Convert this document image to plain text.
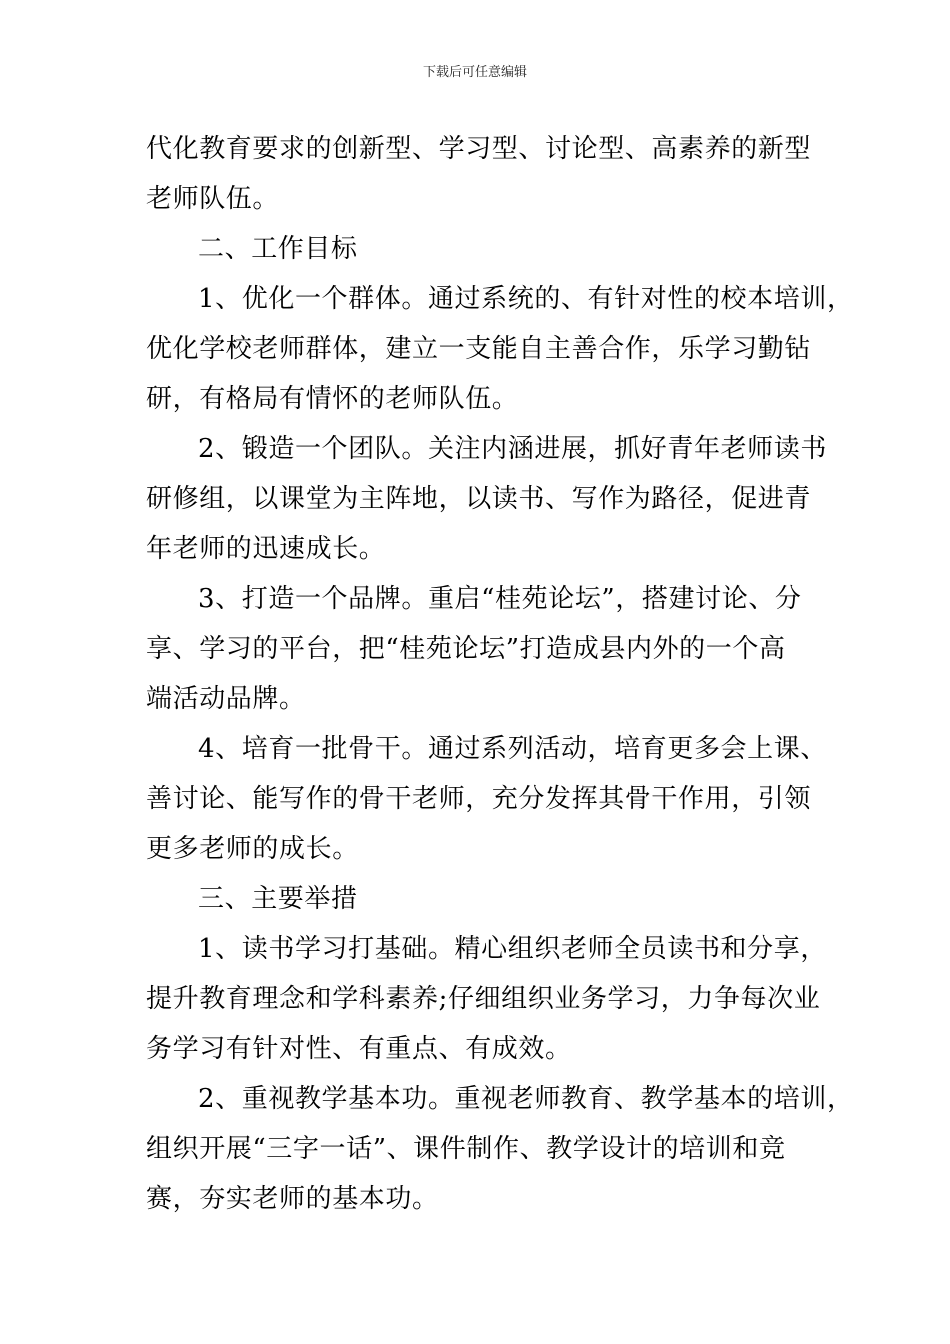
下载后可任意编辑
代化教育要求的创新型、学习型、讨论型、高素养的新型
老师队伍。
二、工作目标
1、优化一个群体。通过系统的、有针对性的校本培训，
优化学校老师群体，建立一支能自主善合作，乐学习勤钻
研，有格局有情怀的老师队伍。
2、锻造一个团队。关注内涵进展，抓好青年老师读书
研修组，以课堂为主阵地，以读书、写作为路径，促进青
年老师的迅速成长。
3、打造一个品牌。重启“桂苑论坛”，搭建讨论、分
享、学习的平台，把“桂苑论坛”打造成县内外的一个高
端活动品牌。
4、培育一批骨干。通过系列活动，培育更多会上课、
善讨论、能写作的骨干老师，充分发挥其骨干作用，引领
更多老师的成长。
三、主要举措
1、读书学习打基础。精心组织老师全员读书和分享，
提升教育理念和学科素养;仔细组织业务学习，力争每次业
务学习有针对性、有重点、有成效。
2、重视教学基本功。重视老师教育、教学基本的培训，
组织开展“三字一话”、课件制作、教学设计的培训和竞
赛，夯实老师的基本功。
